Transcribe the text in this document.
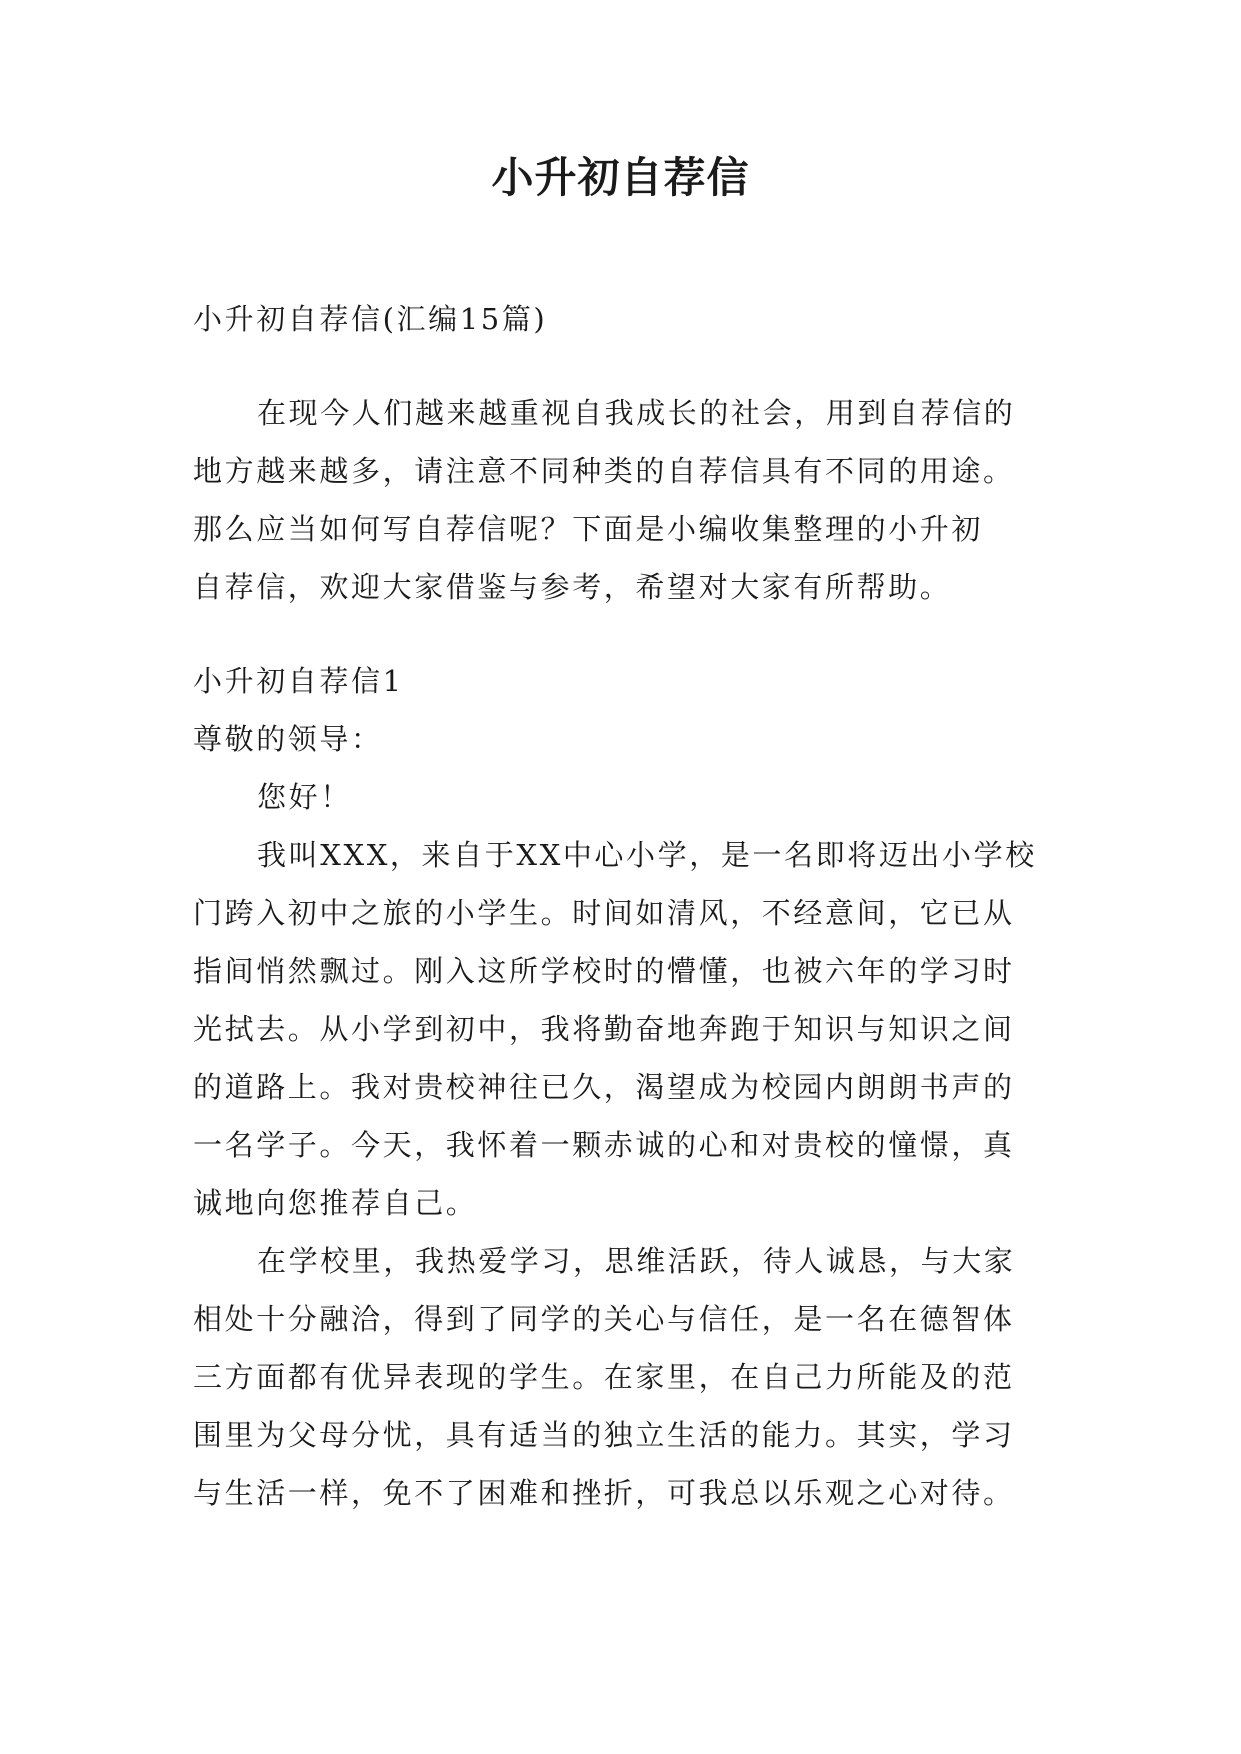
小升初自荐信
小升初自荐信(汇编15篇)
在现今人们越来越重视自我成长的社会，用到自荐信的
地方越来越多，请注意不同种类的自荐信具有不同的用途。
那么应当如何写自荐信呢？下面是小编收集整理的小升初
自荐信，欢迎大家借鉴与参考，希望对大家有所帮助。
小升初自荐信1
尊敬的领导：
您好！
我叫XXX，来自于XX中心小学，是一名即将迈出小学校
门跨入初中之旅的小学生。时间如清风，不经意间，它已从
指间悄然飘过。刚入这所学校时的懵懂，也被六年的学习时
光拭去。从小学到初中，我将勤奋地奔跑于知识与知识之间
的道路上。我对贵校神往已久，渴望成为校园内朗朗书声的
一名学子。今天，我怀着一颗赤诚的心和对贵校的憧憬，真
诚地向您推荐自己。
在学校里，我热爱学习，思维活跃，待人诚恳，与大家
相处十分融洽，得到了同学的关心与信任，是一名在德智体
三方面都有优异表现的学生。在家里，在自己力所能及的范
围里为父母分忧，具有适当的独立生活的能力。其实，学习
与生活一样，免不了困难和挫折，可我总以乐观之心对待。
